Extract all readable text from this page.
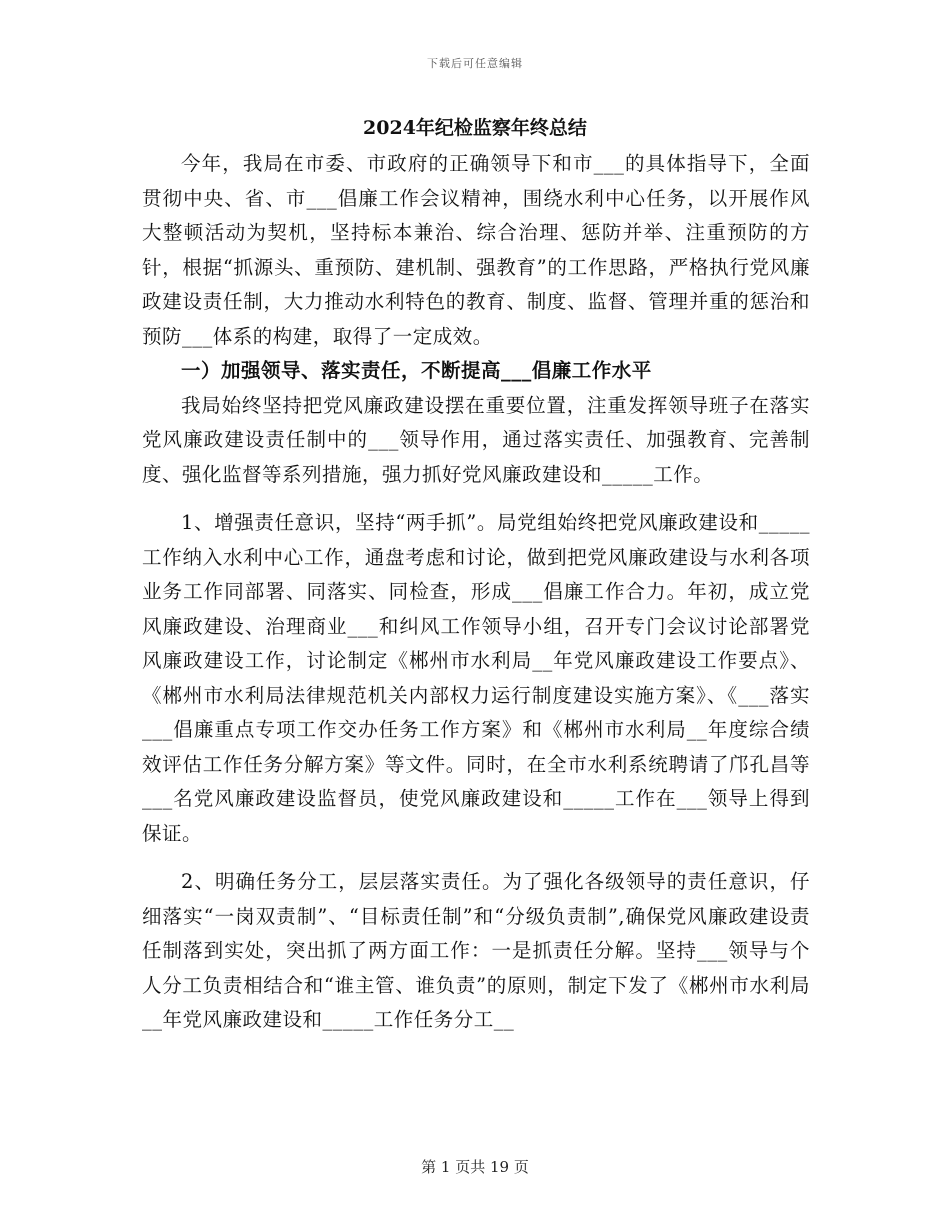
下载后可任意编辑
2024年纪检监察年终总结

今年，我局在市委、市政府的正确领导下和市___的具体指导下，全面贯彻中央、省、市___倡廉工作会议精神，围绕水利中心任务，以开展作风大整顿活动为契机，坚持标本兼治、综合治理、惩防并举、注重预防的方针，根据“抓源头、重预防、建机制、强教育”的工作思路，严格执行党风廉政建设责任制，大力推动水利特色的教育、制度、监督、管理并重的惩治和预防___体系的构建，取得了一定成效。

一）加强领导、落实责任，不断提高___倡廉工作水平

我局始终坚持把党风廉政建设摆在重要位置，注重发挥领导班子在落实党风廉政建设责任制中的___领导作用，通过落实责任、加强教育、完善制度、强化监督等系列措施，强力抓好党风廉政建设和_____工作。

1、增强责任意识，坚持“两手抓”。局党组始终把党风廉政建设和_____工作纳入水利中心工作，通盘考虑和讨论，做到把党风廉政建设与水利各项业务工作同部署、同落实、同检查，形成___倡廉工作合力。年初，成立党风廉政建设、治理商业___和纠风工作领导小组，召开专门会议讨论部署党风廉政建设工作，讨论制定《郴州市水利局__年党风廉政建设工作要点》、《郴州市水利局法律规范机关内部权力运行制度建设实施方案》、《___落实___倡廉重点专项工作交办任务工作方案》和《郴州市水利局__年度综合绩效评估工作任务分解方案》等文件。同时，在全市水利系统聘请了邝孔昌等___名党风廉政建设监督员，使党风廉政建设和_____工作在___领导上得到保证。

2、明确任务分工，层层落实责任。为了强化各级领导的责任意识，仔细落实“一岗双责制”、“目标责任制”和“分级负责制”,确保党风廉政建设责任制落到实处，突出抓了两方面工作：一是抓责任分解。坚持___领导与个人分工负责相结合和“谁主管、谁负责”的原则，制定下发了《郴州市水利局__年党风廉政建设和_____工作任务分工__

第 1 页共 19 页
